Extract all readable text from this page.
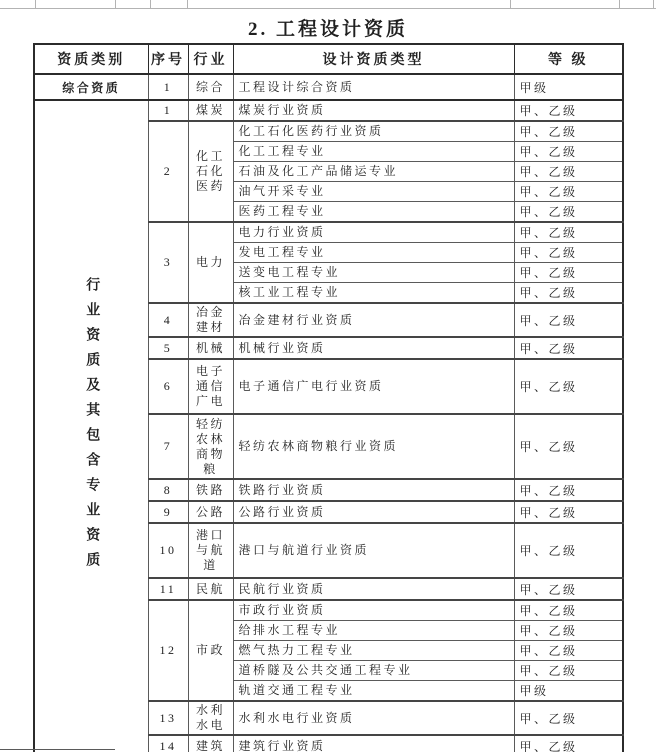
2. 工程设计资质
资质类别	序号	行业	设计资质类型	等 级
综合资质	1	综合	工程设计综合资质	甲级
行业资质及其包含专业资质	1	煤炭	煤炭行业资质	甲、乙级
	2	化工石化医药	化工石化医药行业资质	甲、乙级
			化工工程专业	甲、乙级
			石油及化工产品储运专业	甲、乙级
			油气开采专业	甲、乙级
			医药工程专业	甲、乙级
	3	电力	电力行业资质	甲、乙级
			发电工程专业	甲、乙级
			送变电工程专业	甲、乙级
			核工业工程专业	甲、乙级
	4	冶金建材	冶金建材行业资质	甲、乙级
	5	机械	机械行业资质	甲、乙级
	6	电子通信广电	电子通信广电行业资质	甲、乙级
	7	轻纺农林商物粮	轻纺农林商物粮行业资质	甲、乙级
	8	铁路	铁路行业资质	甲、乙级
	9	公路	公路行业资质	甲、乙级
	10	港口与航道	港口与航道行业资质	甲、乙级
	11	民航	民航行业资质	甲、乙级
	12	市政	市政行业资质	甲、乙级
			给排水工程专业	甲、乙级
			燃气热力工程专业	甲、乙级
			道桥隧及公共交通工程专业	甲、乙级
			轨道交通工程专业	甲级
	13	水利水电	水利水电行业资质	甲、乙级
	14	建筑	建筑行业资质	甲、乙级
